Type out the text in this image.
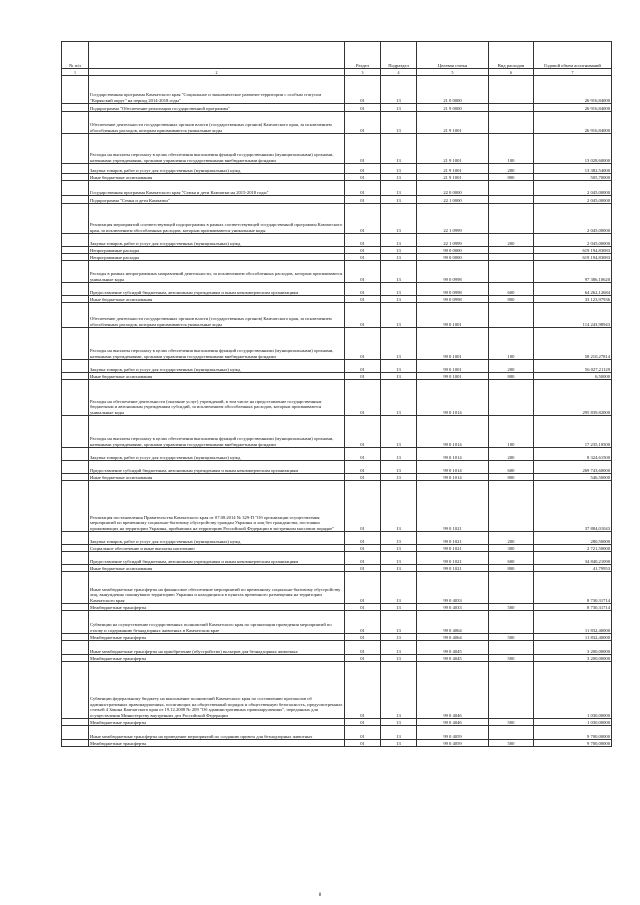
№ п/п		Раздел	Подраздел	Целевая статья	Вид расходов	Годовой объем ассигнований
1	2	3	4	5	6	7
	Государственная программа Камчатского края "Социальное и экономическое развитие территории с особым статусом "Корякский округ" на период 2014-2018 годы"	01	13	21 0 0000		26 916,84000
	Подпрограмма "Обеспечение реализации государственной программы"	01	13	21 9 0000		26 916,84000
	Обеспечение деятельности государственных органов власти (государственных органов) Камчатского края, за исключением обособленных расходов, которым присваиваются уникальные коды	01	13	21 9 1001		26 916,84000
	Расходы на выплаты персоналу в целях обеспечения выполнения функций государственными (муниципальными) органами, казенными учреждениями, органами управления государственными внебюджетными фондами	01	13	21 9 1001	100	13 028,60000
	Закупка товаров, работ и услуг для государственных (муниципальных) нужд	01	13	21 9 1001	200	13 382,54000
	Иные бюджетные ассигнования	01	13	21 9 1001	800	505,70000
	Государственная программа Камчатского края "Семья и дети Камчатки на 2015-2018 годы"	01	13	22 0 0000		2 045,00000
	Подпрограмма "Семья и дети Камчатки"	01	13	22 1 0000		2 045,00000
	Реализация мероприятий соответствующей подпрограммы в рамках соответствующей государственной программы Камчатского края, за исключением обособленных расходов, которым присваиваются уникальные коды	01	13	22 1 0999		2 045,00000
	Закупка товаров, работ и услуг для государственных (муниципальных) нужд	01	13	22 1 0999	200	2 045,00000
	Непрограммные расходы	01	13	99 0 0000		619 194,83083
	Непрограммные расходы	01	13	99 0 0000		619 194,83083
	Расходы в рамках непрограммных направлений деятельности, за исключением обособленных расходов, которым присваиваются уникальные коды	01	13	99 0 0998		97 386,10620
	Предоставление субсидий бюджетным, автономным учреждениям и иным некоммерческим организациям	01	13	99 0 0998	600	64 262,12684
	Иные бюджетные ассигнования	01	13	99 0 0998	800	33 123,97936
	Обеспечение деятельности государственных органов власти (государственных органов) Камчатского края, за исключением обособленных расходов, которым присваиваются уникальные коды	01	13	99 0 1001		114 243,98943
	Расходы на выплаты персоналу в целях обеспечения выполнения функций государственными (муниципальными) органами, казенными учреждениями, органами управления государственными внебюджетными фондами	01	13	99 0 1001	100	58 210,27814
	Закупка товаров, работ и услуг для государственных (муниципальных) нужд	01	13	99 0 1001	200	56 027,21129
	Иные бюджетные ассигнования	01	13	99 0 1001	800	6,50000
	Расходы на обеспечение деятельности (оказание услуг) учреждений, в том числе на предоставление государственным бюджетным и автономным учреждениям субсидий, за исключением обособленных расходов, которым присваиваются уникальные коды	01	13	99 0 1014		295 839,82000
	Расходы на выплаты персоналу в целях обеспечения выполнения функций государственными (муниципальными) органами, казенными учреждениями, органами управления государственными внебюджетными фондами	01	13	99 0 1014	100	17 235,10500
	Закупка товаров, работ и услуг для государственных (муниципальных) нужд	01	13	99 0 1014	200	8 324,61500
	Предоставление субсидий бюджетным, автономным учреждениям и иным некоммерческим организациям	01	13	99 0 1014	600	269 743,60000
	Иные бюджетные ассигнования	01	13	99 0 1014	800	546,50000
	Реализация постановления Правительства Камчатского края от 07.08.2014 № 329-П "Об организации осуществления мероприятий по временному социально-бытовому обустройству граждан Украины и лиц без гражданства, постоянно проживающих на территории Украины, прибывших на территорию Российской Федерации в экстренном массовом порядке"	01	13	99 0 1021		37 884,01043
	Закупка товаров, работ и услуг для государственных (муниципальных) нужд	01	13	99 0 1021	200	280,50000
	Социальное обеспечение и иные выплаты населению	01	13	99 0 1021	300	2 721,50000
	Предоставление субсидий бюджетным, автономным учреждениям и иным некоммерческим организациям	01	13	99 0 1021	600	34 840,21090
	Иные бюджетные ассигнования	01	13	99 0 1021	800	41,79953
	Иные межбюджетные трансферты на финансовое обеспечение мероприятий по временному социально-бытовому обустройству лиц, вынужденно покинувших территорию Украины и находящихся в пунктах временного размещения на территории Камчатского края	01	13	99 0 4033		8 730,31714
	Межбюджетные трансферты	01	13	99 0 4033	500	8 730,31714
	Субвенции на осуществление государственных полномочий Камчатского края по организации проведения мероприятий по отлову и содержанию безнадзорных животных в Камчатском крае	01	13	99 0 4064		11 832,40000
	Межбюджетные трансферты	01	13	99 0 4064	500	11 832,40000
	Иные межбюджетные трансферты на приобретение (обустройство) вольеров для безнадзорных животных	01	13	99 0 4045		3 200,00000
	Межбюджетные трансферты	01	13	99 0 4045	500	3 200,00000
	Субвенции федеральному бюджету на выполнение полномочий Камчатского края по составлению протоколов об административных правонарушениях, посягающих на общественный порядок и общественную безопасность, предусмотренных статьей 4 Закона Камчатского края от 19.12.2008 № 209 "Об административных правонарушениях", переданных для осуществления Министерству внутренних дел Российской Федерации	01	13	99 0 4046		1 030,00000
	Межбюджетные трансферты	01	13	99 0 4046	500	1 030,00000
	Иные межбюджетные трансферты на проведение мероприятий по созданию приюта для безнадзорных животных	01	13	99 0 4059		9 700,00000
	Межбюджетные трансферты	01	13	99 0 4059	500	9 700,00000
8
